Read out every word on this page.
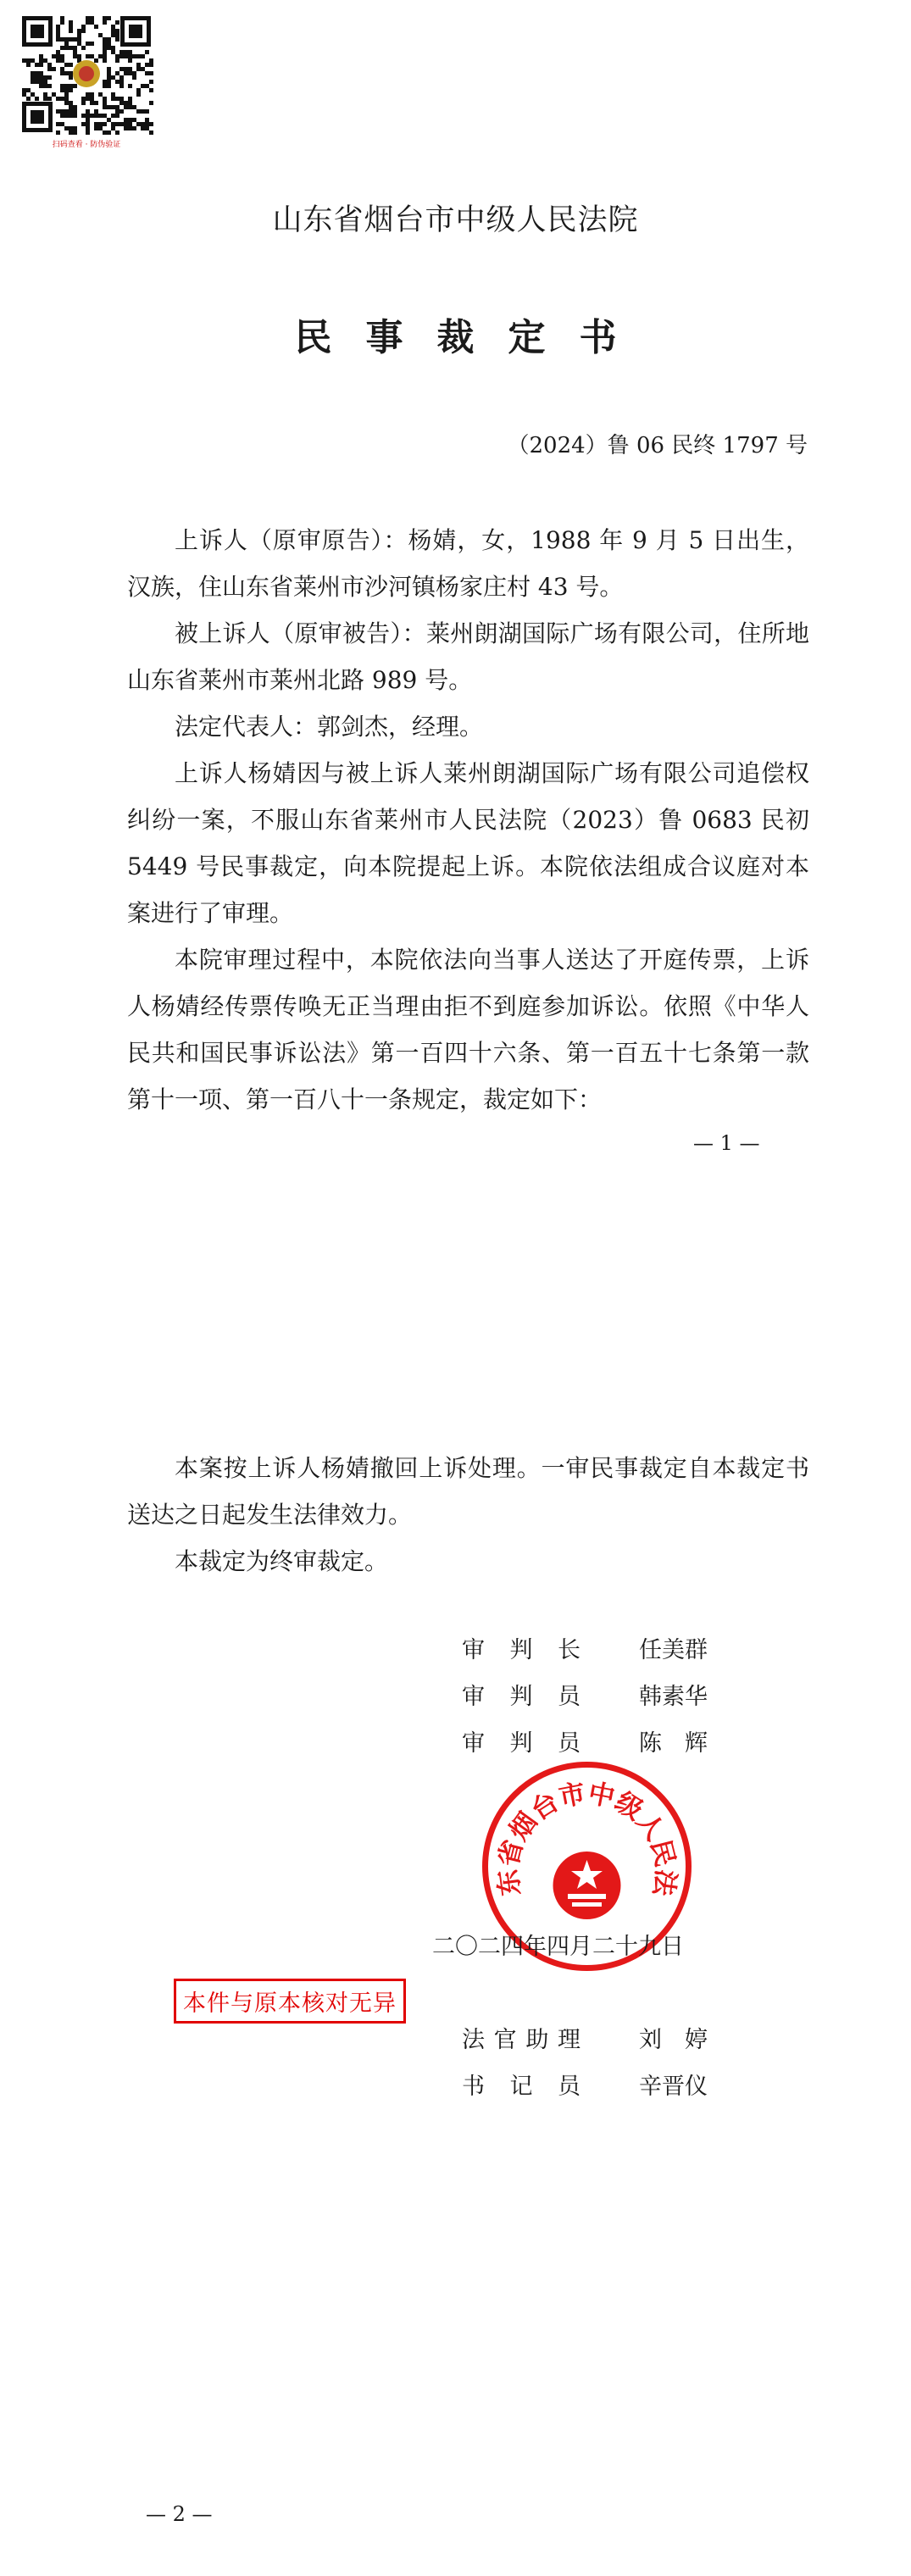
扫码查看 · 防伪验证
山东省烟台市中级人民法院
民事裁定书
（2024）鲁 06 民终 1797 号

上诉人（原审原告）：杨婧，女，1988 年 9 月 5 日出生，汉族，住山东省莱州市沙河镇杨家庄村 43 号。

被上诉人（原审被告）：莱州朗湖国际广场有限公司，住所地山东省莱州市莱州北路 989 号。

法定代表人：郭剑杰，经理。

上诉人杨婧因与被上诉人莱州朗湖国际广场有限公司追偿权纠纷一案，不服山东省莱州市人民法院（2023）鲁 0683 民初 5449 号民事裁定，向本院提起上诉。本院依法组成合议庭对本案进行了审理。

本院审理过程中，本院依法向当事人送达了开庭传票，上诉人杨婧经传票传唤无正当理由拒不到庭参加诉讼。依照《中华人民共和国民事诉讼法》第一百四十六条、第一百五十七条第一款第十一项、第一百八十一条规定，裁定如下：

— 1 —

本案按上诉人杨婧撤回上诉处理。一审民事裁定自本裁定书送达之日起发生法律效力。

本裁定为终审裁定。

审 判 长	任美群
审 判 员	韩素华
审 判 员	陈　辉
东省烟台市中级人民法
二〇二四年四月二十九日
本件与原本核对无异
法 官 助 理	刘　婷
书 记 员	辛晋仪
— 2 —
